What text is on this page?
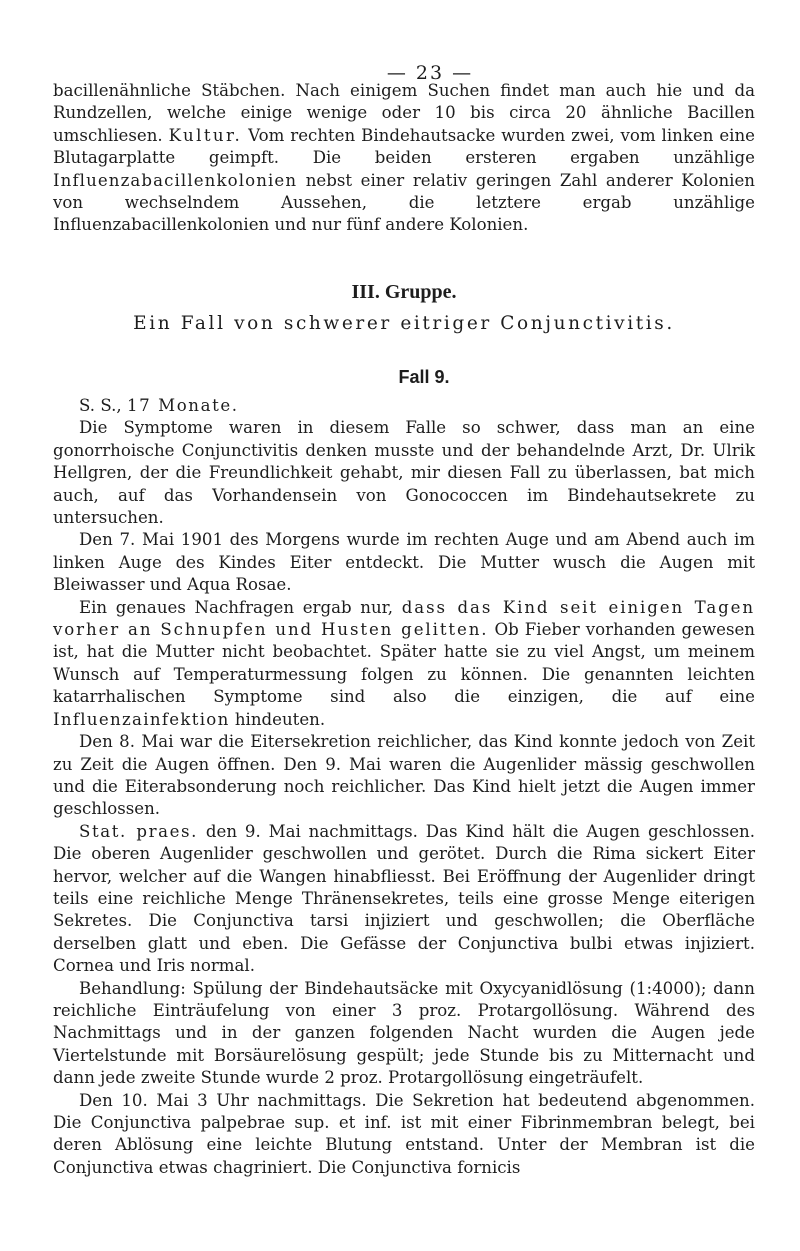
— 23 —

bacillenähnliche Stäbchen. Nach einigem Suchen findet man auch hie und da Rundzellen, welche einige wenige oder 10 bis circa 20 ähnliche Bacillen umschliesen. Kultur. Vom rechten Bindehautsacke wurden zwei, vom linken eine Blutagarplatte geimpft. Die beiden ersteren ergaben unzählige Influenzabacillenkolonien nebst einer relativ geringen Zahl anderer Kolonien von wechselndem Aussehen, die letztere ergab unzählige Influenzabacillenkolonien und nur fünf andere Kolonien.

III. Gruppe.
Ein Fall von schwerer eitriger Conjunctivitis.
Fall 9.

S. S., 17 Monate.

Die Symptome waren in diesem Falle so schwer, dass man an eine gonorrhoische Conjunctivitis denken musste und der behandelnde Arzt, Dr. Ulrik Hellgren, der die Freundlichkeit gehabt, mir diesen Fall zu überlassen, bat mich auch, auf das Vorhandensein von Gonococcen im Bindehautsekrete zu untersuchen.

Den 7. Mai 1901 des Morgens wurde im rechten Auge und am Abend auch im linken Auge des Kindes Eiter entdeckt. Die Mutter wusch die Augen mit Bleiwasser und Aqua Rosae.

Ein genaues Nachfragen ergab nur, dass das Kind seit einigen Tagen vorher an Schnupfen und Husten gelitten. Ob Fieber vorhanden gewesen ist, hat die Mutter nicht beobachtet. Später hatte sie zu viel Angst, um meinem Wunsch auf Temperaturmessung folgen zu können. Die genannten leichten katarrhalischen Symptome sind also die einzigen, die auf eine Influenzainfektion hindeuten.

Den 8. Mai war die Eitersekretion reichlicher, das Kind konnte jedoch von Zeit zu Zeit die Augen öffnen. Den 9. Mai waren die Augenlider mässig geschwollen und die Eiterabsonderung noch reichlicher. Das Kind hielt jetzt die Augen immer geschlossen.

Stat. praes. den 9. Mai nachmittags. Das Kind hält die Augen geschlossen. Die oberen Augenlider geschwollen und gerötet. Durch die Rima sickert Eiter hervor, welcher auf die Wangen hinabfliesst. Bei Eröffnung der Augenlider dringt teils eine reichliche Menge Thränensekretes, teils eine grosse Menge eiterigen Sekretes. Die Conjunctiva tarsi injiziert und geschwollen; die Oberfläche derselben glatt und eben. Die Gefässe der Conjunctiva bulbi etwas injiziert. Cornea und Iris normal.

Behandlung: Spülung der Bindehautsäcke mit Oxycyanidlösung (1:4000); dann reichliche Einträufelung von einer 3 proz. Protargollösung. Während des Nachmittags und in der ganzen folgenden Nacht wurden die Augen jede Viertelstunde mit Borsäurelösung gespült; jede Stunde bis zu Mitternacht und dann jede zweite Stunde wurde 2 proz. Protargollösung eingeträufelt.

Den 10. Mai 3 Uhr nachmittags. Die Sekretion hat bedeutend abgenommen. Die Conjunctiva palpebrae sup. et inf. ist mit einer Fibrinmembran belegt, bei deren Ablösung eine leichte Blutung entstand. Unter der Membran ist die Conjunctiva etwas chagriniert. Die Conjunctiva fornicis
